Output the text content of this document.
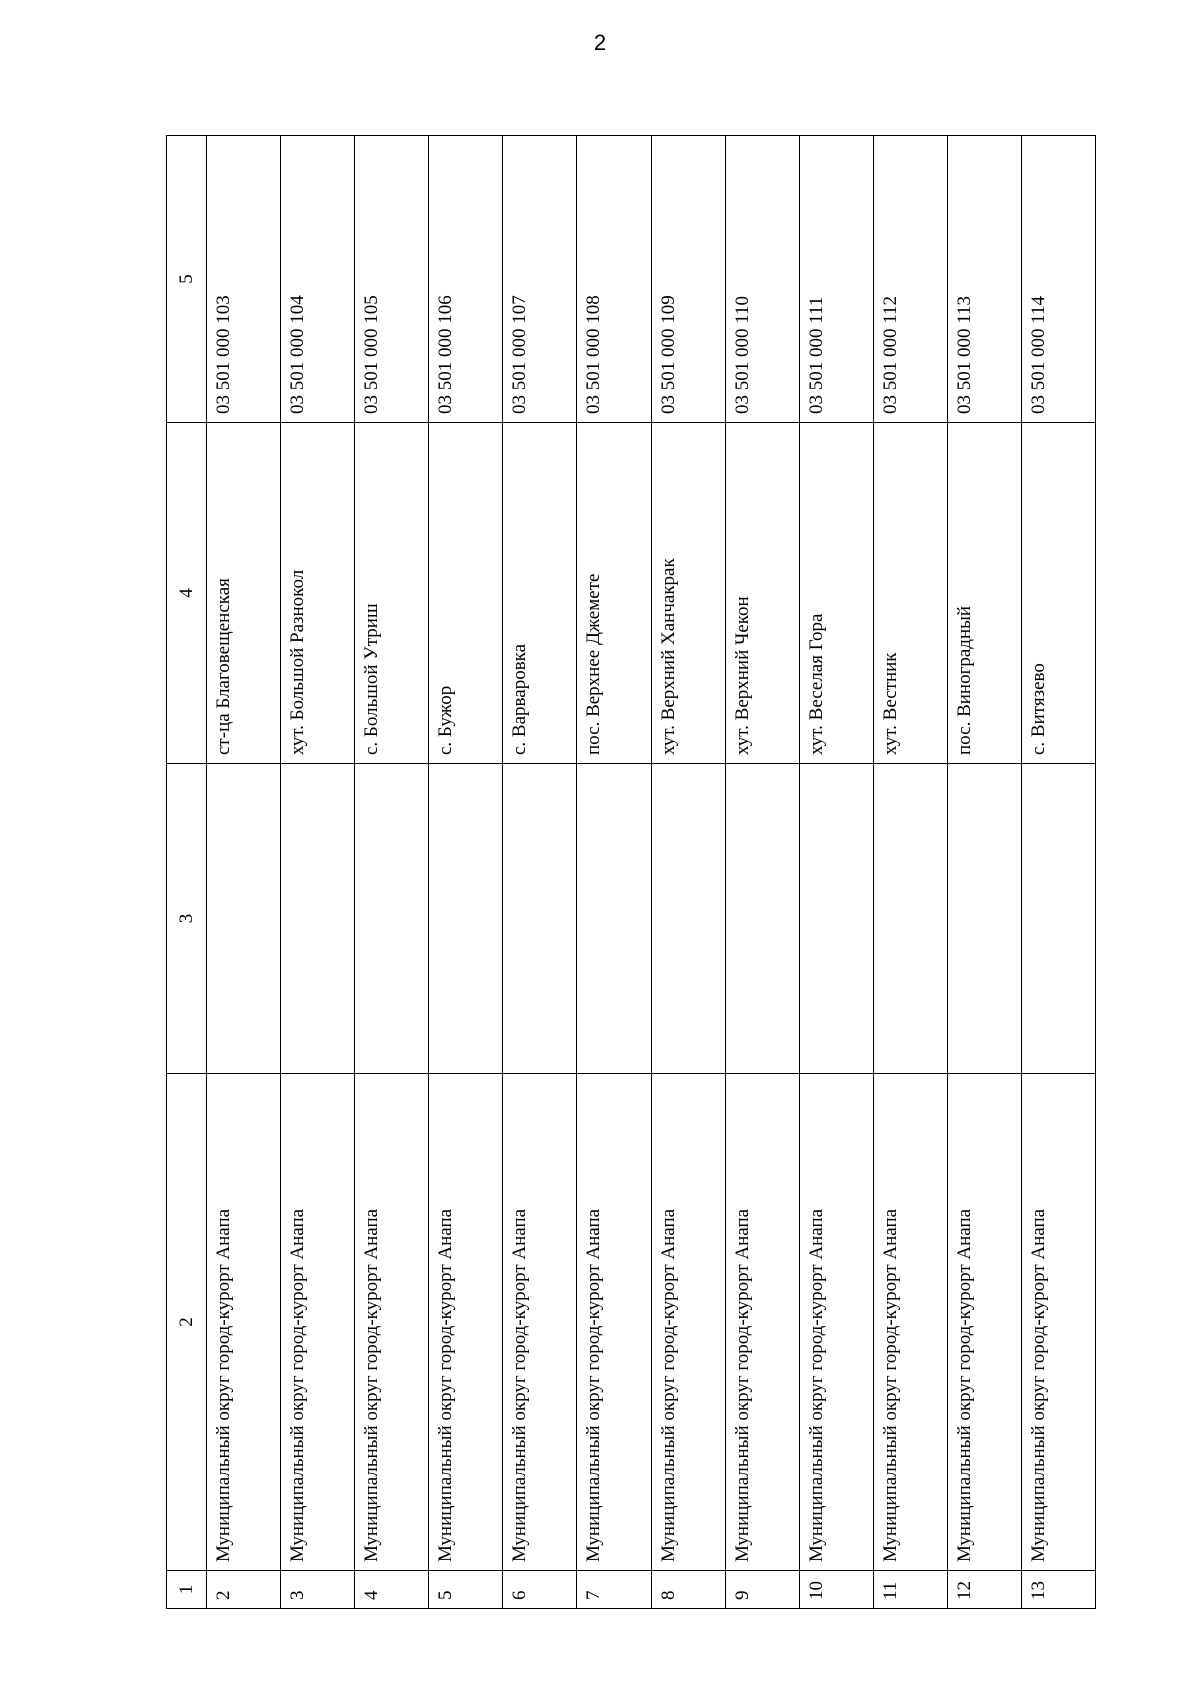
2
1	2	3	4	5
2	Муниципальный округ город-курорт Анапа		ст-ца Благовещенская	03 501 000 103
3	Муниципальный округ город-курорт Анапа		хут. Большой Разнокол	03 501 000 104
4	Муниципальный округ город-курорт Анапа		с. Большой Утриш	03 501 000 105
5	Муниципальный округ город-курорт Анапа		с. Бужор	03 501 000 106
6	Муниципальный округ город-курорт Анапа		с. Варваровка	03 501 000 107
7	Муниципальный округ город-курорт Анапа		пос. Верхнее Джемете	03 501 000 108
8	Муниципальный округ город-курорт Анапа		хут. Верхний Ханчакрак	03 501 000 109
9	Муниципальный округ город-курорт Анапа		хут. Верхний Чекон	03 501 000 110
10	Муниципальный округ город-курорт Анапа		хут. Веселая Гора	03 501 000 111
11	Муниципальный округ город-курорт Анапа		хут. Вестник	03 501 000 112
12	Муниципальный округ город-курорт Анапа		пос. Виноградный	03 501 000 113
13	Муниципальный округ город-курорт Анапа		с. Витязево	03 501 000 114
